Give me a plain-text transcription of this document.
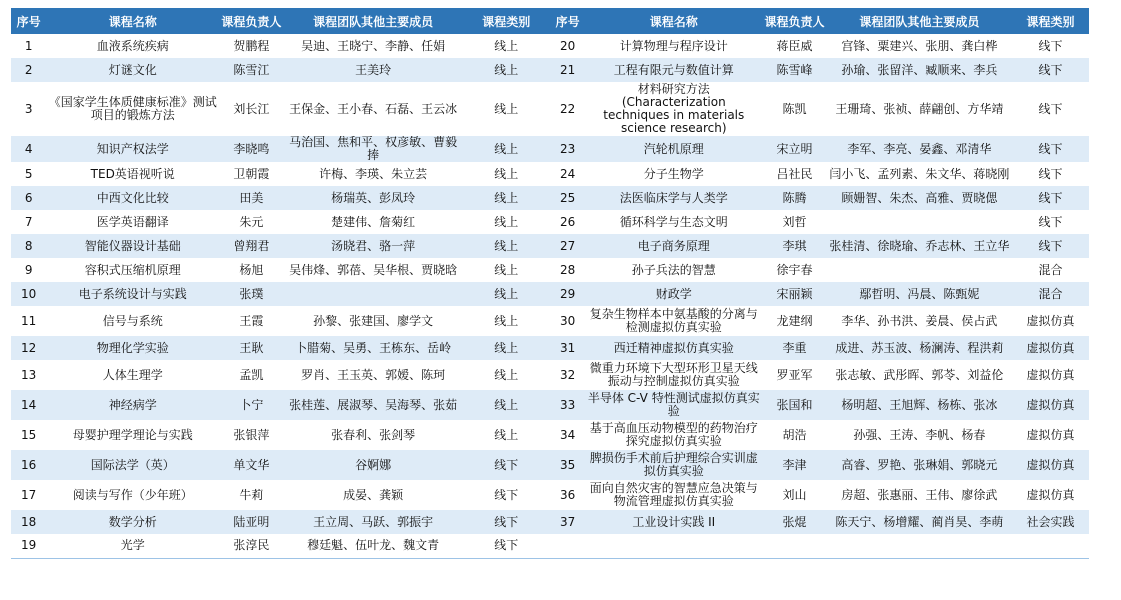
序号	课程名称	课程负责人	课程团队其他主要成员	课程类别	序号	课程名称	课程负责人	课程团队其他主要成员	课程类别
1	血液系统疾病	贺鹏程	吴迪、王晓宁、李静、任娟	线上	20	计算物理与程序设计	蒋臣威	宫锋、粟建兴、张朋、龚白桦	线下
2	灯谜文化	陈雪江	王美玲	线上	21	工程有限元与数值计算	陈雪峰	孙瑜、张留洋、臧顺来、李兵	线下
3	《国家学生体质健康标准》测试项目的锻炼方法	刘长江	王保金、王小春、石磊、王云冰	线上	22	材料研究方法 (Characterization techniques in materials science research)	陈凯	王珊琦、张祯、薛翩创、方华靖	线下
4	知识产权法学	李晓鸣	马治国、焦和平、权彦敏、曹毅捧	线上	23	汽轮机原理	宋立明	李军、李亮、晏鑫、邓清华	线下
5	TED英语视听说	卫朝霞	许梅、李瑛、朱立芸	线上	24	分子生物学	吕社民	闫小飞、孟列素、朱文华、蒋晓刚	线下
6	中西文化比较	田美	杨瑞英、彭凤玲	线上	25	法医临床学与人类学	陈腾	顾姗智、朱杰、高雅、贾晓偲	线下
7	医学英语翻译	朱元	楚建伟、詹菊红	线上	26	循环科学与生态文明	刘哲		线下
8	智能仪器设计基础	曾翔君	汤晓君、骆一萍	线上	27	电子商务原理	李琪	张桂清、徐晓瑜、乔志林、王立华	线下
9	容积式压缩机原理	杨旭	吴伟烽、郭蓓、吴华根、贾晓晗	线上	28	孙子兵法的智慧	徐宇春		混合
10	电子系统设计与实践	张璞		线上	29	财政学	宋丽颖	鄢哲明、冯晨、陈甄妮	混合
11	信号与系统	王霞	孙黎、张建国、廖学文	线上	30	复杂生物样本中氨基酸的分离与检测虚拟仿真实验	龙建纲	李华、孙书洪、姜晨、侯占武	虚拟仿真
12	物理化学实验	王耿	卜腊菊、吴勇、王栋东、岳岭	线上	31	西迁精神虚拟仿真实验	李重	成进、苏玉波、杨澜涛、程洪莉	虚拟仿真
13	人体生理学	孟凯	罗肖、王玉英、郭嫒、陈珂	线上	32	微重力环境下大型环形卫星天线振动与控制虚拟仿真实验	罗亚军	张志敏、武彤晖、郭苓、刘益伦	虚拟仿真
14	神经病学	卜宁	张桂莲、展淑琴、吴海琴、张茹	线上	33	半导体 C-V 特性测试虚拟仿真实验	张国和	杨明超、王旭辉、杨栋、张冰	虚拟仿真
15	母婴护理学理论与实践	张银萍	张春利、张剑琴	线上	34	基于高血压动物模型的药物治疗探究虚拟仿真实验	胡浩	孙强、王涛、李帆、杨春	虚拟仿真
16	国际法学（英）	单文华	谷婀娜	线下	35	脾损伤手术前后护理综合实训虚拟仿真实验	李津	高睿、罗艳、张琳娟、郭晓元	虚拟仿真
17	阅读与写作（少年班）	牛莉	成晏、龚颖	线下	36	面向自然灾害的智慧应急决策与物流管理虚拟仿真实验	刘山	房超、张惠丽、王伟、廖徐武	虚拟仿真
18	数学分析	陆亚明	王立周、马跃、郭振宇	线下	37	工业设计实践 II	张焜	陈天宁、杨增耀、蔺肖昊、李萌	社会实践
19	光学	张淳民	穆廷魁、伍叶龙、魏文青	线下					
